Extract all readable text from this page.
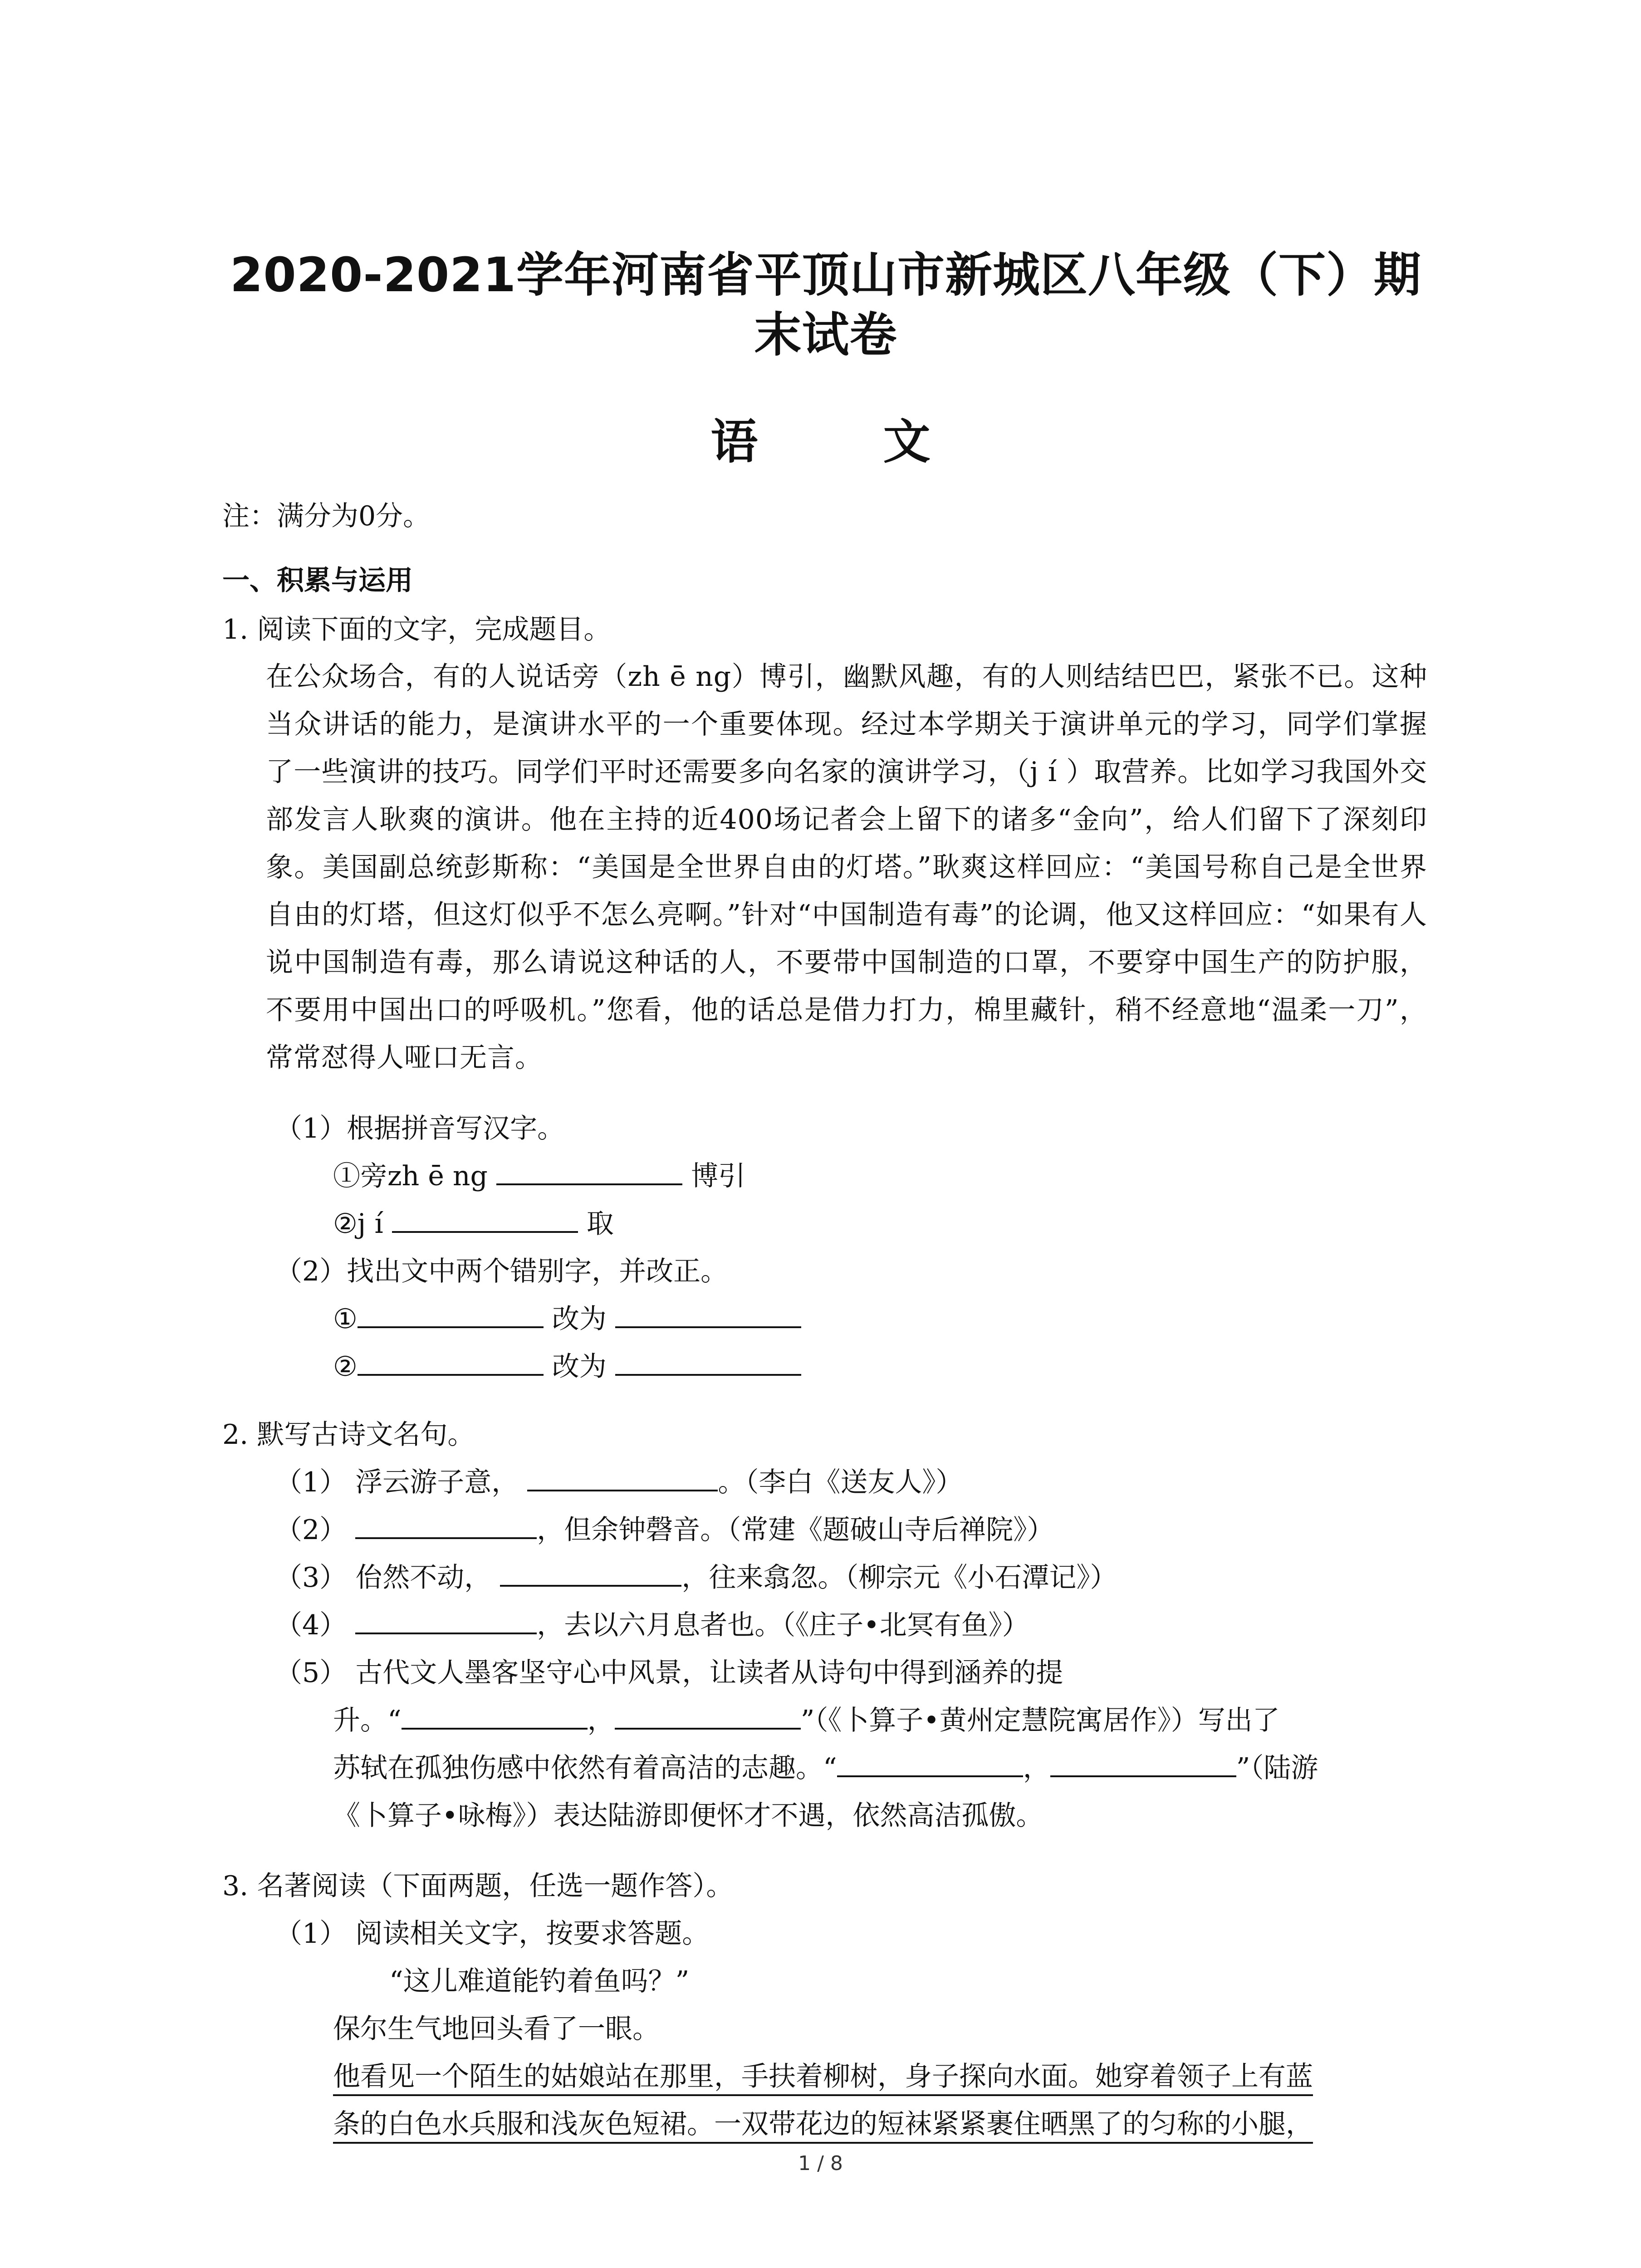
2020-2021学年河南省平顶山市新城区八年级（下）期末试卷
语 文
注：满分为0分。
一、积累与运用
1. 阅读下面的文字，完成题目。
在公众场合，有的人说话旁（zh ē ng）博引，幽默风趣，有的人则结结巴巴，紧张不已。这种当众讲话的能力，是演讲水平的一个重要体现。经过本学期关于演讲单元的学习，同学们掌握了一些演讲的技巧。同学们平时还需要多向名家的演讲学习，（j í ）取营养。比如学习我国外交部发言人耿爽的演讲。他在主持的近400场记者会上留下的诸多“金向”，给人们留下了深刻印象。美国副总统彭斯称：“美国是全世界自由的灯塔。”耿爽这样回应：“美国号称自己是全世界自由的灯塔，但这灯似乎不怎么亮啊。”针对“中国制造有毒”的论调，他又这样回应：“如果有人说中国制造有毒，那么请说这种话的人，不要带中国制造的口罩，不要穿中国生产的防护服，不要用中国出口的呼吸机。”您看，他的话总是借力打力，棉里藏针，稍不经意地“温柔一刀”，常常怼得人哑口无言。
（1）根据拼音写汉字。
①旁zh ē ng	博引
②j í	取
（2）找出文中两个错别字，并改正。
①	改为
②	改为
2. 默写古诗文名句。
（1） 浮云游子意，	。（李白《送友人》）
（2）	，但余钟磬音。（常建《题破山寺后禅院》）
（3） 佁然不动，	，往来翕忽。（柳宗元《小石潭记》）
（4）	，去以六月息者也。（《庄子•北冥有鱼》）
（5） 古代文人墨客坚守心中风景，让读者从诗句中得到涵养的提
升。“	，	”（《卜算子•黄州定慧院寓居作》）写出了
苏轼在孤独伤感中依然有着高洁的志趣。“	，	”（陆游
《卜算子•咏梅》）表达陆游即便怀才不遇，依然高洁孤傲。
3. 名著阅读（下面两题，任选一题作答）。
（1） 阅读相关文字，按要求答题。
“这儿难道能钓着鱼吗？”
保尔生气地回头看了一眼。
他看见一个陌生的姑娘站在那里，手扶着柳树，身子探向水面。她穿着领子上有蓝
条的白色水兵服和浅灰色短裙。一双带花边的短袜紧紧裹住晒黑了的匀称的小腿，
1 / 8
